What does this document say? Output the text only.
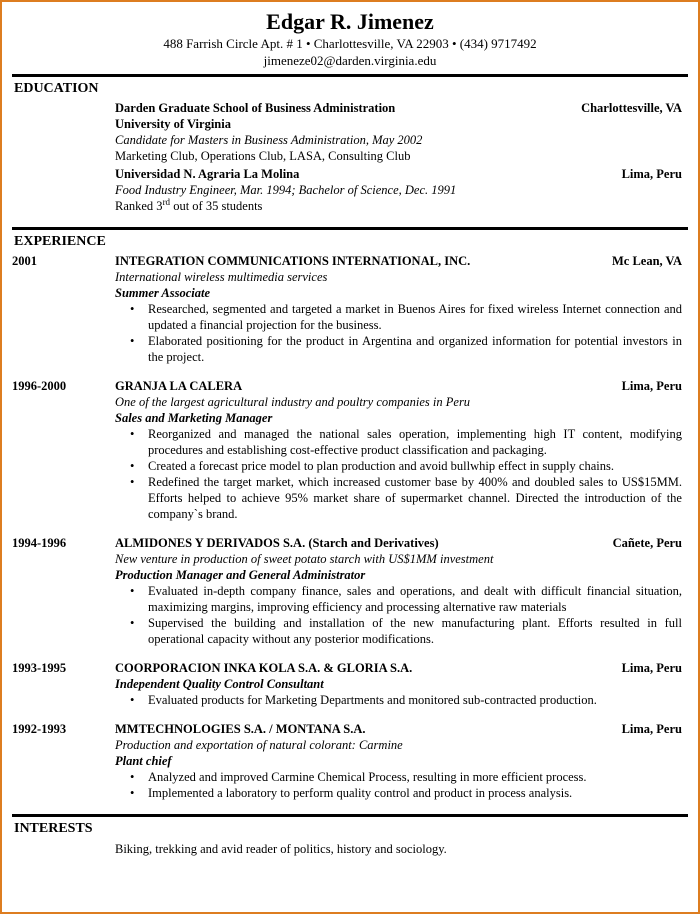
Edgar R. Jimenez
488 Farrish Circle Apt. # 1 • Charlottesville, VA 22903 • (434) 9717492
jimeneze02@darden.virginia.edu
EDUCATION
Darden Graduate School of Business Administration	Charlottesville, VA
University of Virginia
Candidate for Masters in Business Administration, May 2002
Marketing Club, Operations Club, LASA, Consulting Club
Universidad N. Agraria La Molina	Lima, Peru
Food Industry Engineer, Mar. 1994; Bachelor of Science, Dec. 1991
Ranked 3rd out of 35 students
EXPERIENCE
2001	INTEGRATION COMMUNICATIONS INTERNATIONAL, INC.	Mc Lean, VA
International wireless multimedia services
Summer Associate
• Researched, segmented and targeted a market in Buenos Aires for fixed wireless Internet connection and updated a financial projection for the business.
• Elaborated positioning for the product in Argentina and organized information for potential investors in the project.
1996-2000	GRANJA LA CALERA	Lima, Peru
One of the largest agricultural industry and poultry companies in Peru
Sales and Marketing Manager
• Reorganized and managed the national sales operation, implementing high IT content, modifying procedures and establishing cost-effective product classification and packaging.
• Created a forecast price model to plan production and avoid bullwhip effect in supply chains.
• Redefined the target market, which increased customer base by 400% and doubled sales to US$15MM. Efforts helped to achieve 95% market share of supermarket channel. Directed the introduction of the company`s brand.
1994-1996	ALMIDONES Y DERIVADOS S.A. (Starch and Derivatives)	Cañete, Peru
New venture in production of sweet potato starch with US$1MM investment
Production Manager and General Administrator
• Evaluated in-depth company finance, sales and operations, and dealt with difficult financial situation, maximizing margins, improving efficiency and processing alternative raw materials
• Supervised the building and installation of the new manufacturing plant. Efforts resulted in full operational capacity without any posterior modifications.
1993-1995	COORPORACION INKA KOLA S.A. & GLORIA S.A.	Lima, Peru
Independent Quality Control Consultant
• Evaluated products for Marketing Departments and monitored sub-contracted production.
1992-1993	MMTECHNOLOGIES S.A. / MONTANA S.A.	Lima, Peru
Production and exportation of natural colorant: Carmine
Plant chief
• Analyzed and improved Carmine Chemical Process, resulting in more efficient process.
• Implemented a laboratory to perform quality control and product in process analysis.
INTERESTS
Biking, trekking and avid reader of politics, history and sociology.
